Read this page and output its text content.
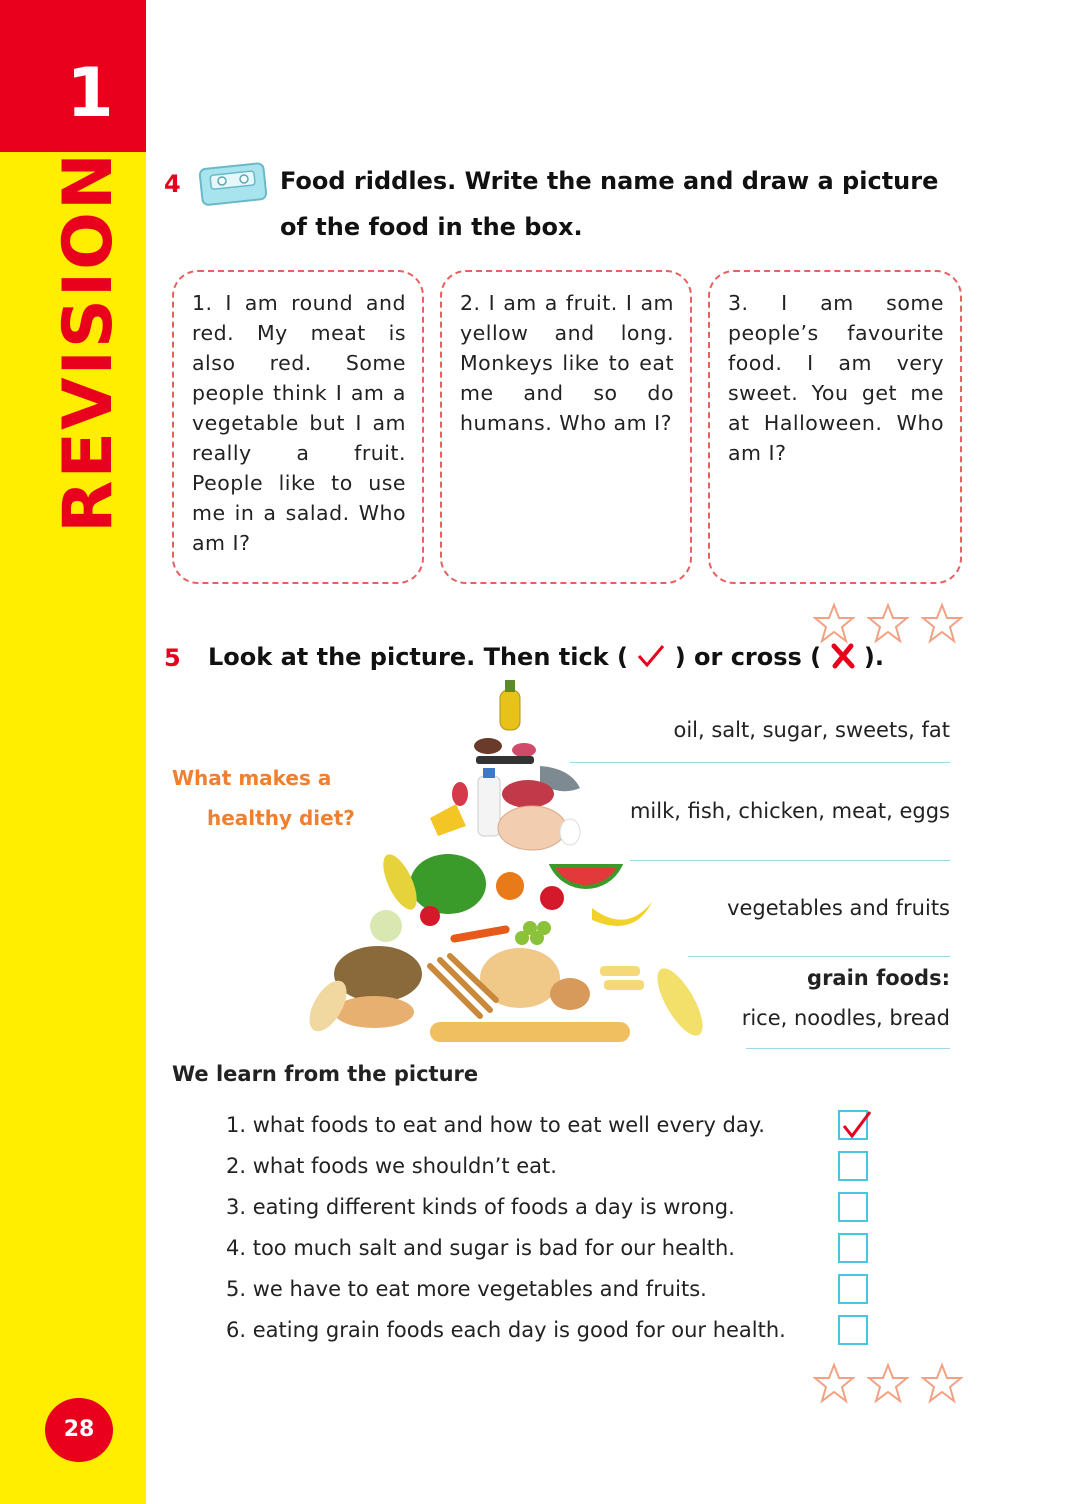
1
REVISION
28
4	Food riddles. Write the name and draw a picture
of the food in the box.

1. I am round and red. My meat is also red. Some people think I am a vegetable but I am really a fruit. People like to use me in a salad. Who am I?

2. I am a fruit. I am yellow and long. Monkeys like to eat me and so do humans. Who am I?

3. I am some people’s favourite food. I am very sweet. You get me at Halloween. Who am I?

5 Look at the picture. Then tick ( ) or cross ( ).
What makes a
healthy diet?
oil, salt, sugar, sweets, fat
milk, fish, chicken, meat, eggs
vegetables and fruits
grain foods:
rice, noodles, bread
We learn from the picture
1. what foods to eat and how to eat well every day.
2. what foods we shouldn’t eat.
3. eating different kinds of foods a day is wrong.
4. too much salt and sugar is bad for our health.
5. we have to eat more vegetables and fruits.
6. eating grain foods each day is good for our health.
